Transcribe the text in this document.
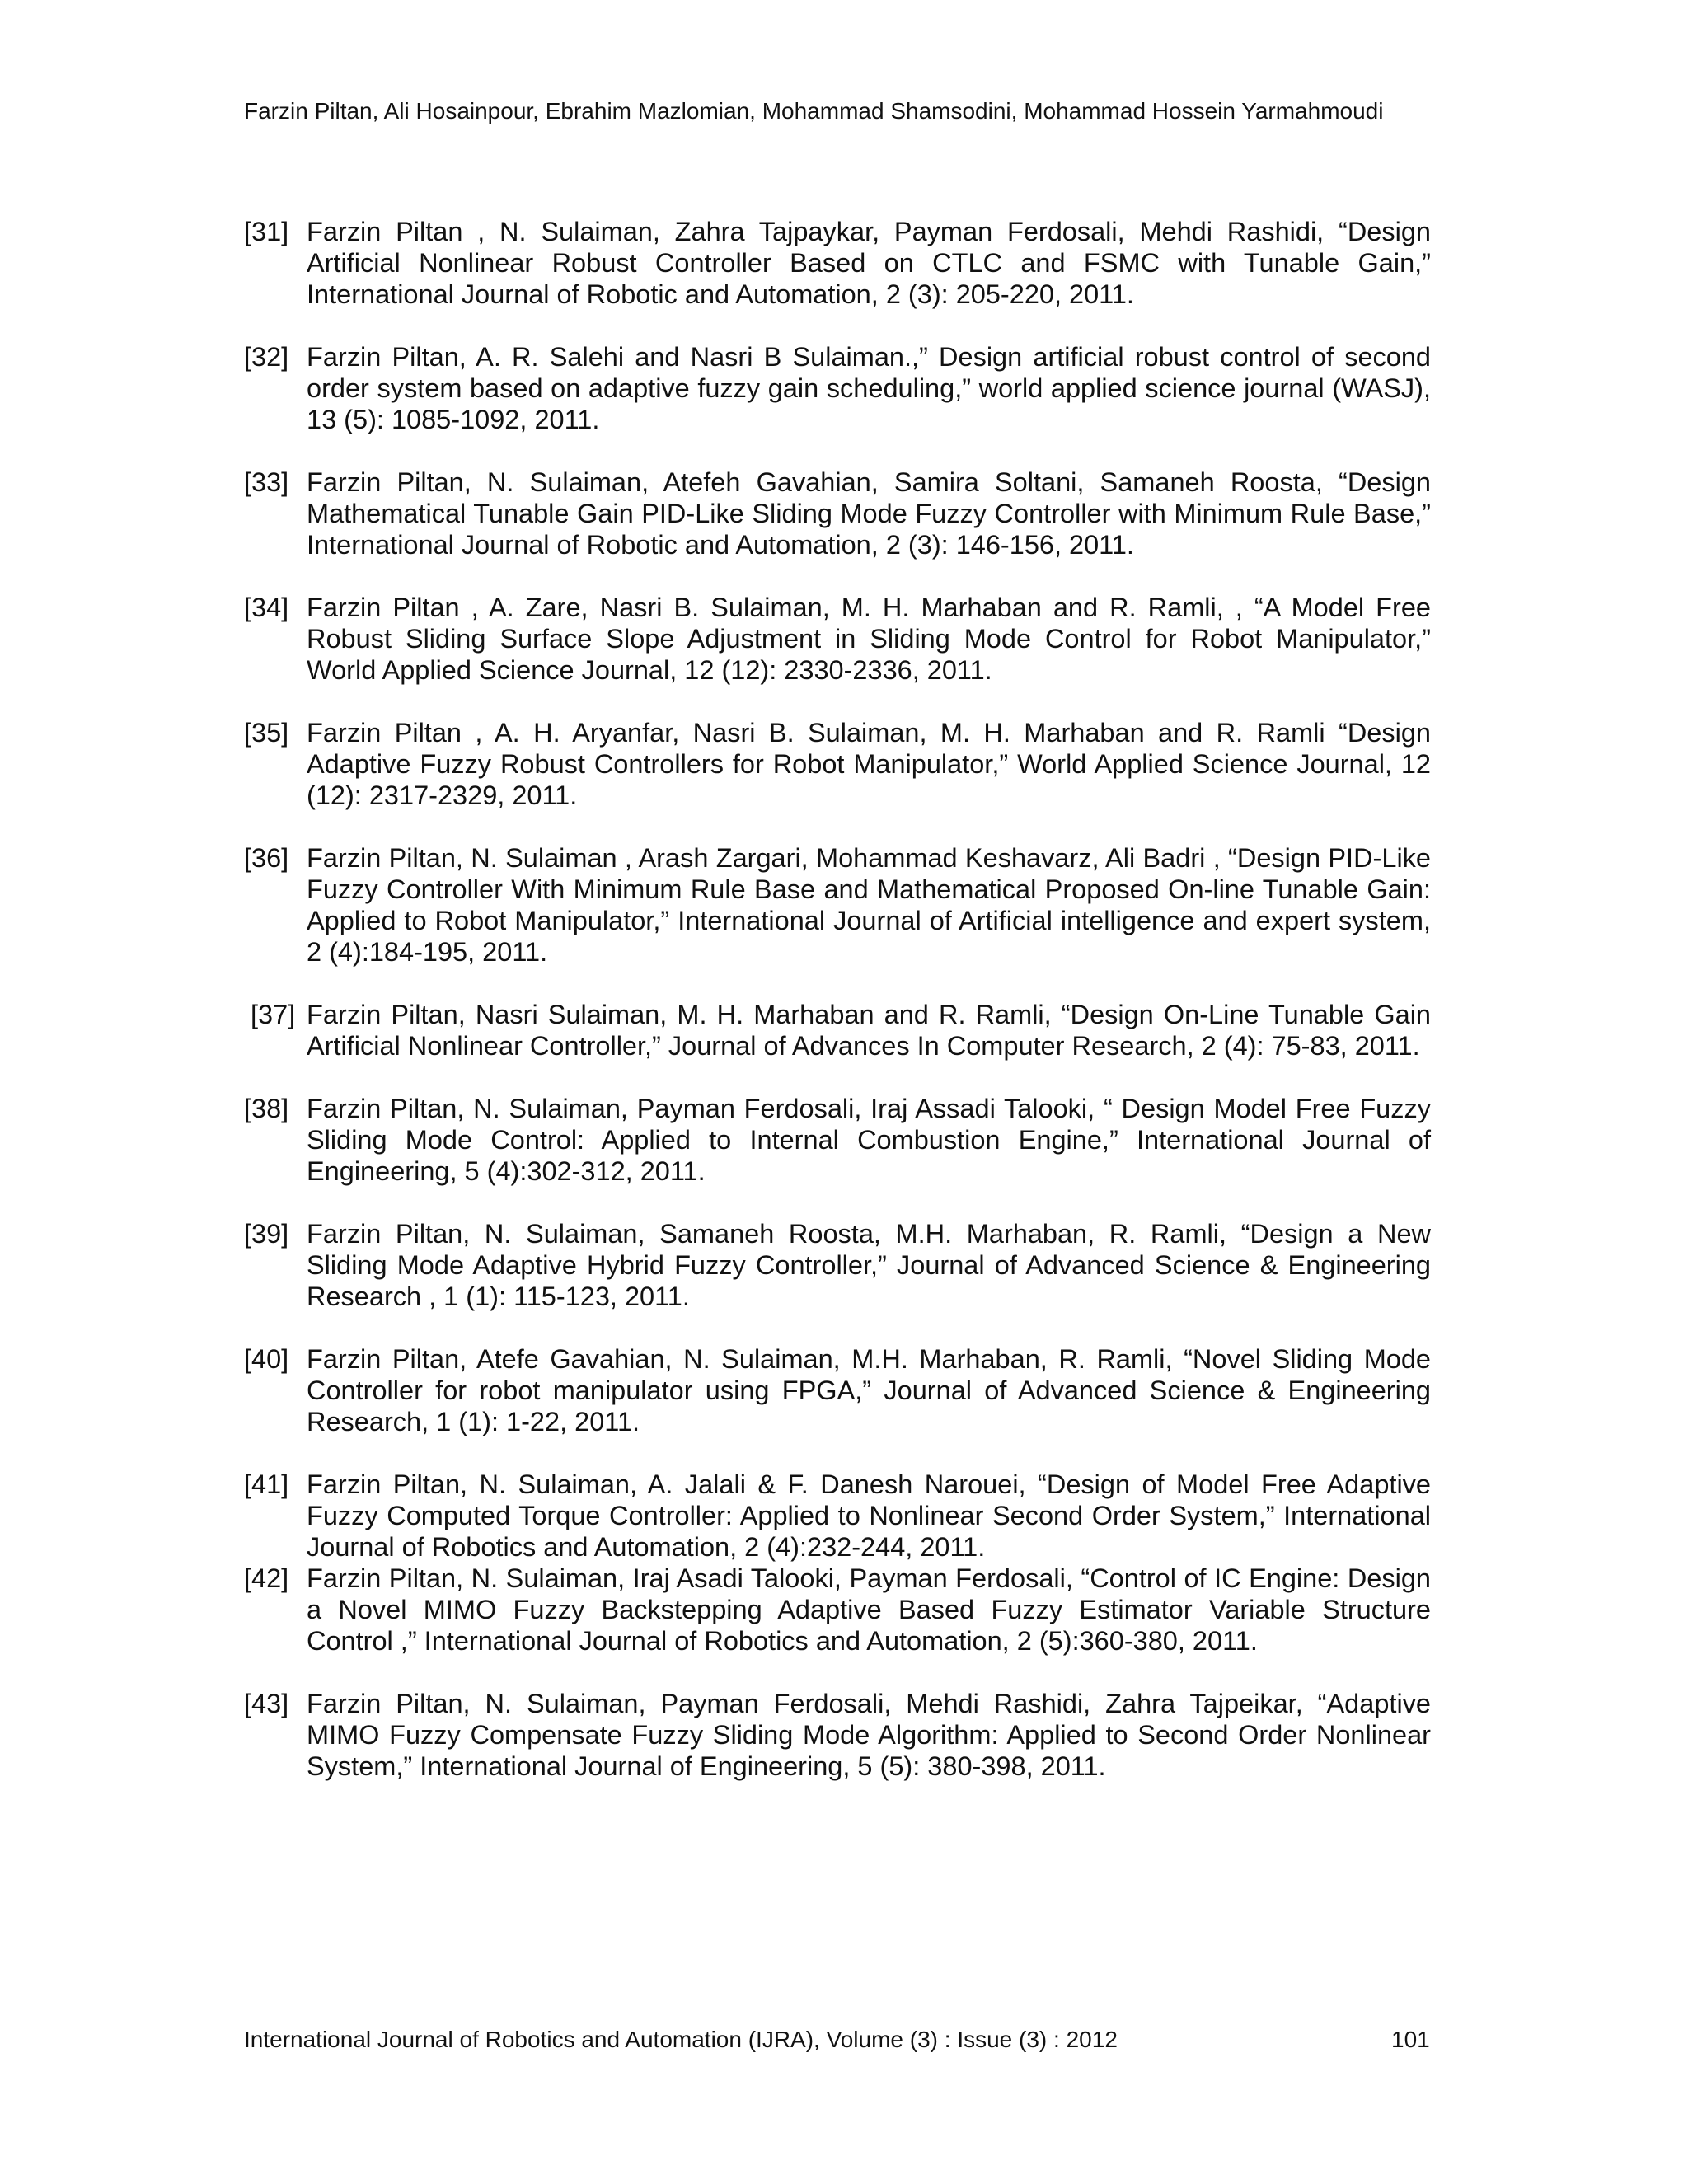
Farzin Piltan, Ali Hosainpour, Ebrahim Mazlomian, Mohammad Shamsodini, Mohammad Hossein Yarmahmoudi
[31] Farzin Piltan , N. Sulaiman, Zahra Tajpaykar, Payman Ferdosali, Mehdi Rashidi, “Design Artificial Nonlinear Robust Controller Based on CTLC and FSMC with Tunable Gain,” International Journal of Robotic and Automation, 2 (3): 205-220, 2011.
[32] Farzin Piltan, A. R. Salehi and Nasri B Sulaiman.,” Design artificial robust control of second order system based on adaptive fuzzy gain scheduling,” world applied science journal (WASJ), 13 (5): 1085-1092, 2011.
[33] Farzin Piltan, N. Sulaiman, Atefeh Gavahian, Samira Soltani, Samaneh Roosta, “Design Mathematical Tunable Gain PID-Like Sliding Mode Fuzzy Controller with Minimum Rule Base,” International Journal of Robotic and Automation, 2 (3): 146-156, 2011.
[34] Farzin Piltan , A. Zare, Nasri B. Sulaiman, M. H. Marhaban and R. Ramli, , “A Model Free Robust Sliding Surface Slope Adjustment in Sliding Mode Control for Robot Manipulator,” World Applied Science Journal, 12 (12): 2330-2336, 2011.
[35] Farzin Piltan , A. H. Aryanfar, Nasri B. Sulaiman, M. H. Marhaban and R. Ramli “Design Adaptive Fuzzy Robust Controllers for Robot Manipulator,” World Applied Science Journal, 12 (12): 2317-2329, 2011.
[36] Farzin Piltan, N. Sulaiman , Arash Zargari, Mohammad Keshavarz, Ali Badri , “Design PID-Like Fuzzy Controller With Minimum Rule Base and Mathematical Proposed On-line Tunable Gain: Applied to Robot Manipulator,” International Journal of Artificial intelligence and expert system, 2 (4):184-195, 2011.
[37] Farzin Piltan, Nasri Sulaiman, M. H. Marhaban and R. Ramli, “Design On-Line Tunable Gain Artificial Nonlinear Controller,” Journal of Advances In Computer Research, 2 (4): 75-83, 2011.
[38] Farzin Piltan, N. Sulaiman, Payman Ferdosali, Iraj Assadi Talooki, “ Design Model Free Fuzzy Sliding Mode Control: Applied to Internal Combustion Engine,” International Journal of Engineering, 5 (4):302-312, 2011.
[39] Farzin Piltan, N. Sulaiman, Samaneh Roosta, M.H. Marhaban, R. Ramli, “Design a New Sliding Mode Adaptive Hybrid Fuzzy Controller,” Journal of Advanced Science & Engineering Research , 1 (1): 115-123, 2011.
[40] Farzin Piltan, Atefe Gavahian, N. Sulaiman, M.H. Marhaban, R. Ramli, “Novel Sliding Mode Controller for robot manipulator using FPGA,” Journal of Advanced Science & Engineering Research, 1 (1): 1-22, 2011.
[41] Farzin Piltan, N. Sulaiman, A. Jalali & F. Danesh Narouei, “Design of Model Free Adaptive Fuzzy Computed Torque Controller: Applied to Nonlinear Second Order System,” International Journal of Robotics and Automation, 2 (4):232-244, 2011.
[42] Farzin Piltan, N. Sulaiman, Iraj Asadi Talooki, Payman Ferdosali, “Control of IC Engine: Design a Novel MIMO Fuzzy Backstepping Adaptive Based Fuzzy Estimator Variable Structure Control ,” International Journal of Robotics and Automation, 2 (5):360-380, 2011.
[43] Farzin Piltan, N. Sulaiman, Payman Ferdosali, Mehdi Rashidi, Zahra Tajpeikar, “Adaptive MIMO Fuzzy Compensate Fuzzy Sliding Mode Algorithm: Applied to Second Order Nonlinear System,” International Journal of Engineering, 5 (5): 380-398, 2011.
International Journal of Robotics and Automation (IJRA), Volume (3) : Issue (3) : 2012	101
